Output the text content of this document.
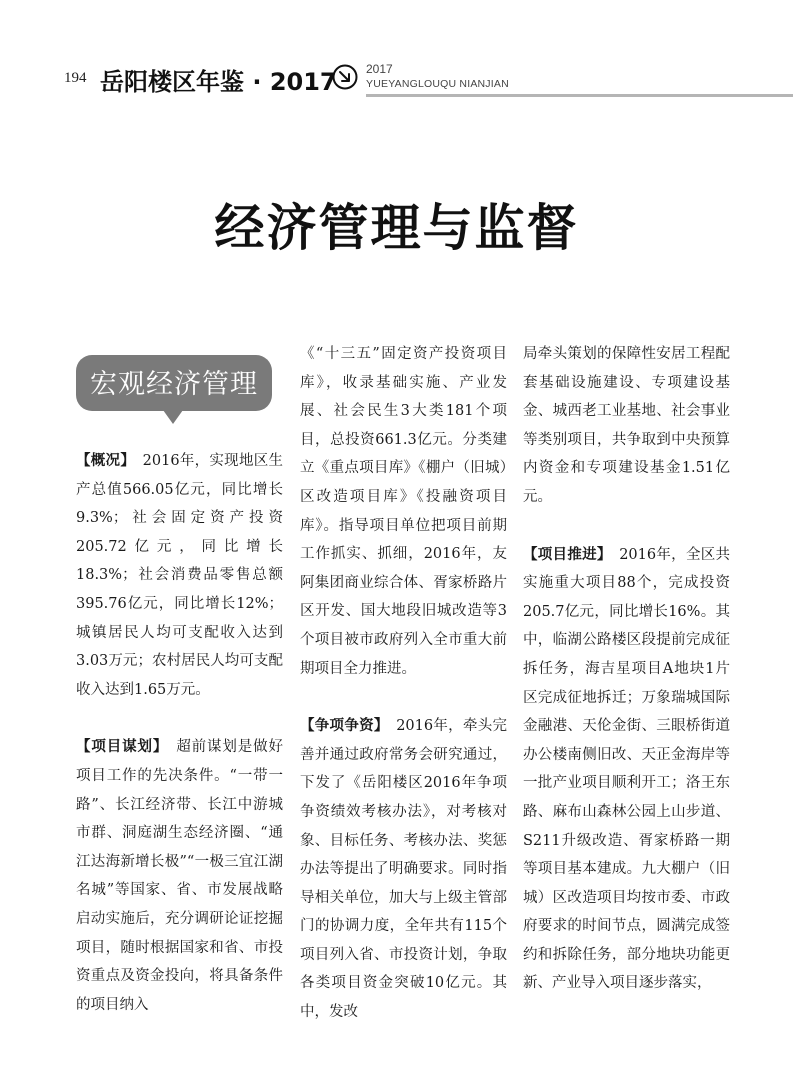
194 岳阳楼区年鉴 · 2017 2017
YUEYANGLOUQU NIANJIAN
经济管理与监督
宏观经济管理

【概况】　2016年，实现地区生产总值566.05亿元，同比增长9.3%；社会固定资产投资205.72亿元，同比增长18.3%；社会消费品零售总额395.76亿元，同比增长12%；城镇居民人均可支配收入达到3.03万元；农村居民人均可支配收入达到1.65万元。

【项目谋划】　超前谋划是做好项目工作的先决条件。“一带一路”、长江经济带、长江中游城市群、洞庭湖生态经济圈、“通江达海新增长极”“一极三宜江湖名城”等国家、省、市发展战略启动实施后，充分调研论证挖掘项目，随时根据国家和省、市投资重点及资金投向，将具备条件的项目纳入

《“十三五”固定资产投资项目库》，收录基础实施、产业发展、社会民生3大类181个项目，总投资661.3亿元。分类建立《重点项目库》《棚户（旧城）区改造项目库》《投融资项目库》。指导项目单位把项目前期工作抓实、抓细，2016年，友阿集团商业综合体、胥家桥路片区开发、国大地段旧城改造等3个项目被市政府列入全市重大前期项目全力推进。

【争项争资】　2016年，牵头完善并通过政府常务会研究通过，下发了《岳阳楼区2016年争项争资绩效考核办法》，对考核对象、目标任务、考核办法、奖惩办法等提出了明确要求。同时指导相关单位，加大与上级主管部门的协调力度，全年共有115个项目列入省、市投资计划，争取各类项目资金突破10亿元。其中，发改

局牵头策划的保障性安居工程配套基础设施建设、专项建设基金、城西老工业基地、社会事业等类别项目，共争取到中央预算内资金和专项建设基金1.51亿元。

【项目推进】　2016年，全区共实施重大项目88个，完成投资205.7亿元，同比增长16%。其中，临湖公路楼区段提前完成征拆任务，海吉星项目A地块1片区完成征地拆迁；万象瑞城国际金融港、天伦金街、三眼桥街道办公楼南侧旧改、天正金海岸等一批产业项目顺利开工；洛王东路、麻布山森林公园上山步道、S211升级改造、胥家桥路一期等项目基本建成。九大棚户（旧城）区改造项目均按市委、市政府要求的时间节点，圆满完成签约和拆除任务，部分地块功能更新、产业导入项目逐步落实，
